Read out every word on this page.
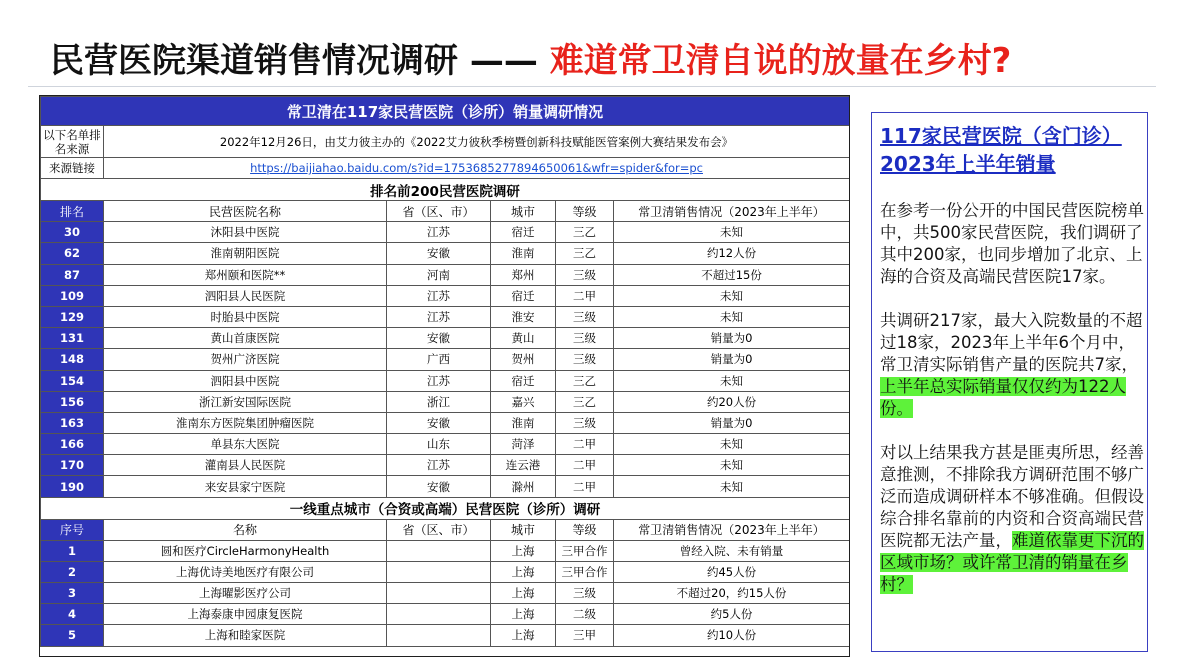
民营医院渠道销售情况调研 —— 难道常卫清自说的放量在乡村?
常卫清在117家民营医院（诊所）销量调研情况					
以下名单排名来源	2022年12月26日，由艾力彼主办的《2022艾力彼秋季榜暨创新科技赋能医管案例大赛结果发布会》				
来源链接	https://baijiahao.baidu.com/s?id=1753685277894650061&wfr=spider&for=pc				
排名前200民营医院调研					
排名	民营医院名称	省（区、市）	城市	等级	常卫清销售情况（2023年上半年）
30	沐阳县中医院	江苏	宿迁	三乙	未知
62	淮南朝阳医院	安徽	淮南	三乙	约12人份
87	郑州颐和医院**	河南	郑州	三级	不超过15份
109	泗阳县人民医院	江苏	宿迁	二甲	未知
129	时胎县中医院	江苏	淮安	三级	未知
131	黄山首康医院	安徽	黄山	三级	销量为0
148	贺州广济医院	广西	贺州	三级	销量为0
154	泗阳县中医院	江苏	宿迁	三乙	未知
156	浙江新安国际医院	浙江	嘉兴	三乙	约20人份
163	淮南东方医院集团肿瘤医院	安徽	淮南	三级	销量为0
166	单县东大医院	山东	菏泽	二甲	未知
170	灌南县人民医院	江苏	连云港	二甲	未知
190	来安县家宁医院	安徽	滁州	二甲	未知
一线重点城市（合资或高端）民营医院（诊所）调研					
序号	名称	省（区、市）	城市	等级	常卫清销售情况（2023年上半年）
1	圆和医疗CircleHarmonyHealth		上海	三甲合作	曾经入院、未有销量
2	上海优诗美地医疗有限公司		上海	三甲合作	约45人份
3	上海曜影医疗公司		上海	三级	不超过20，约15人份
4	上海泰康申园康复医院		上海	二级	约5人份
5	上海和睦家医院		上海	三甲	约10人份
117家民营医院（含门诊）2023年上半年销量

在参考一份公开的中国民营医院榜单中，共500家民营医院，我们调研了其中200家，也同步增加了北京、上海的合资及高端民营医院17家。

共调研217家，最大入院数量的不超过18家，2023年上半年6个月中，常卫清实际销售产量的医院共7家，上半年总实际销量仅仅约为122人份。

对以上结果我方甚是匪夷所思，经善意推测，不排除我方调研范围不够广泛而造成调研样本不够准确。但假设综合排名靠前的内资和合资高端民营医院都无法产量，难道依靠更下沉的区域市场？或许常卫清的销量在乡村？
